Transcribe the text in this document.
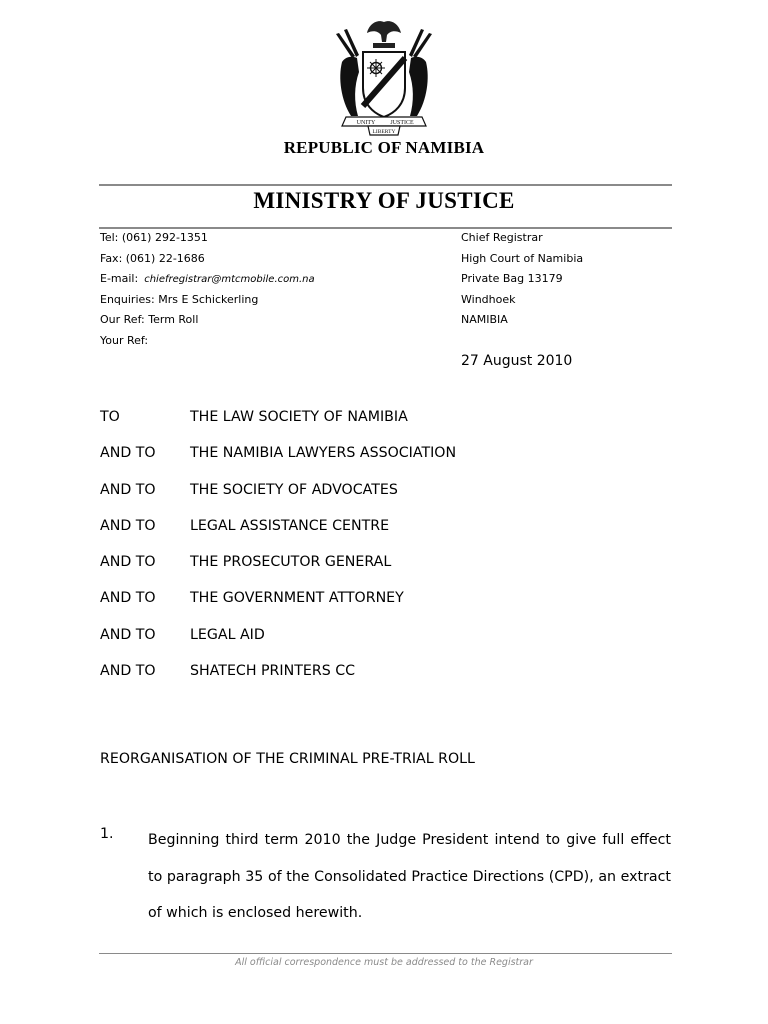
UNITY JUSTICE
LIBERTY
REPUBLIC OF NAMIBIA
MINISTRY OF JUSTICE
Tel: (061) 292-1351
Fax: (061) 22-1686
E-mail: chiefregistrar@mtcmobile.com.na
Enquiries: Mrs E Schickerling
Our Ref: Term Roll
Your Ref:
Chief Registrar
High Court of Namibia
Private Bag 13179
Windhoek
NAMIBIA
27 August 2010
TO	THE LAW SOCIETY OF NAMIBIA
AND TO THE NAMIBIA LAWYERS ASSOCIATION
AND TO THE SOCIETY OF ADVOCATES
AND TO LEGAL ASSISTANCE CENTRE
AND TO THE PROSECUTOR GENERAL
AND TO THE GOVERNMENT ATTORNEY
AND TO LEGAL AID
AND TO SHATECH PRINTERS CC
REORGANISATION OF THE CRIMINAL PRE-TRIAL ROLL
1. Beginning third term 2010 the Judge President intend to give full effect to paragraph 35 of the Consolidated Practice Directions (CPD), an extract of which is enclosed herewith.
All official correspondence must be addressed to the Registrar
